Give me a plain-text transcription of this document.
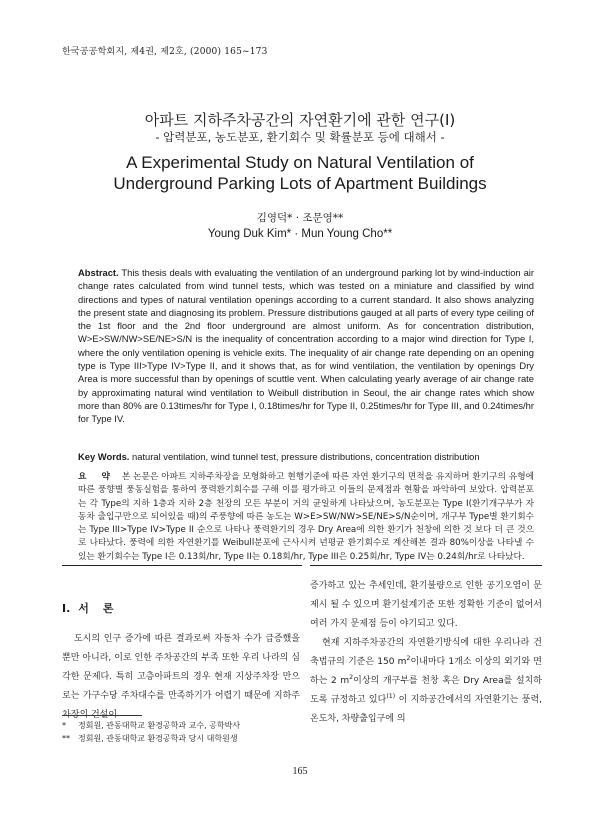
한국공공학회지, 제4권, 제2호, (2000) 165~173
아파트 지하주차공간의 자연환기에 관한 연구(I)
- 압력분포, 농도분포, 환기회수 및 확률분포 등에 대해서 -
A Experimental Study on Natural Ventilation of
Underground Parking Lots of Apartment Buildings
김영덕* · 조문영**
Young Duk Kim* · Mun Young Cho**

Abstract. This thesis deals with evaluating the ventilation of an underground parking lot by wind-induction air change rates calculated from wind tunnel tests, which was tested on a miniature and classified by wind directions and types of natural ventilation openings according to a current standard. It also shows analyzing the present state and diagnosing its problem. Pressure distributions gauged at all parts of every type ceiling of the 1st floor and the 2nd floor underground are almost uniform. As for concentration distribution, W>E>SW/NW>SE/NE>S/N is the inequality of concentration according to a major wind direction for Type I, where the only ventilation opening is vehicle exits. The inequality of air change rate depending on an opening type is Type III>Type IV>Type II, and it shows that, as for wind ventilation, the ventilation by openings Dry Area is more successful than by openings of scuttle vent. When calculating yearly average of air change rate by approximating natural wind ventilation to Weibull distribution in Seoul, the air change rates which show more than 80% are 0.13times/hr for Type I, 0.18times/hr for Type II, 0.25times/hr for Type III, and 0.24times/hr for Type IV.

Key Words. natural ventilation, wind tunnel test, pressure distributions, concentration distribution

요 약 본 논문은 아파트 지하주차장을 모형화하고 현행기준에 따른 자연 환기구의 면적을 유지하며 환기구의 유형에 따른 풍향별 풍동실험을 통하여 풍력환기회수를 구해 이를 평가하고 이들의 문제점과 현황을 파악하여 보았다. 압력분포는 각 Type의 지하 1층과 지하 2층 천장의 모든 부분이 거의 균일하게 나타났으며, 농도분포는 Type I(환기개구부가 자동차 출입구만으로 되어있을 때)의 주풍향에 따른 농도는 W>E>SW/NW>SE/NE>S/N순이며, 개구부 Type별 환기회수는 Type III>Type IV>Type II 순으로 나타나 풍력환기의 경우 Dry Area에 의한 환기가 천창에 의한 것 보다 더 큰 것으로 나타났다. 풍력에 의한 자연환기를 Weibull분포에 근사시켜 년평균 환기회수로 계산해본 결과 80%이상을 나타낼 수 있는 환기회수는 Type I은 0.13회/hr, Type II는 0.18회/hr, Type III은 0.25회/hr, Type IV는 0.24회/hr로 나타났다.

I. 서론

도시의 인구 증가에 따른 결과로써 자동차 수가 급증했을 뿐만 아니라, 이로 인한 주차공간의 부족 또한 우리 나라의 심각한 문제다. 특히 고층아파트의 경우 현재 지상주차장 만으로는 가구수당 주차대수를 만족하기가 어렵기 때문에 지하주차장의 건설이

증가하고 있는 추세인데, 환기불량으로 인한 공기오염이 문제시 될 수 있으며 환기설계기준 또한 정확한 기준이 없어서 여러 가지 문제점 등이 야기되고 있다.

현재 지하주차공간의 자연환기방식에 대한 우리나라 건축법규의 기준은 150 $m^2$이내마다 1개소 이상의 외기와 면하는 2 $m^2$이상의 개구부를 천창 혹은 Dry Area를 설치하도록 규정하고 있다$^{(1)}$ 이 지하공간에서의 자연환기는 풍력, 온도차, 차량출입구에 의

* 정회원, 관동대학교 환경공학과 교수, 공학박사
** 정회원, 관동대학교 환경공학과 당시 대학원생
165
